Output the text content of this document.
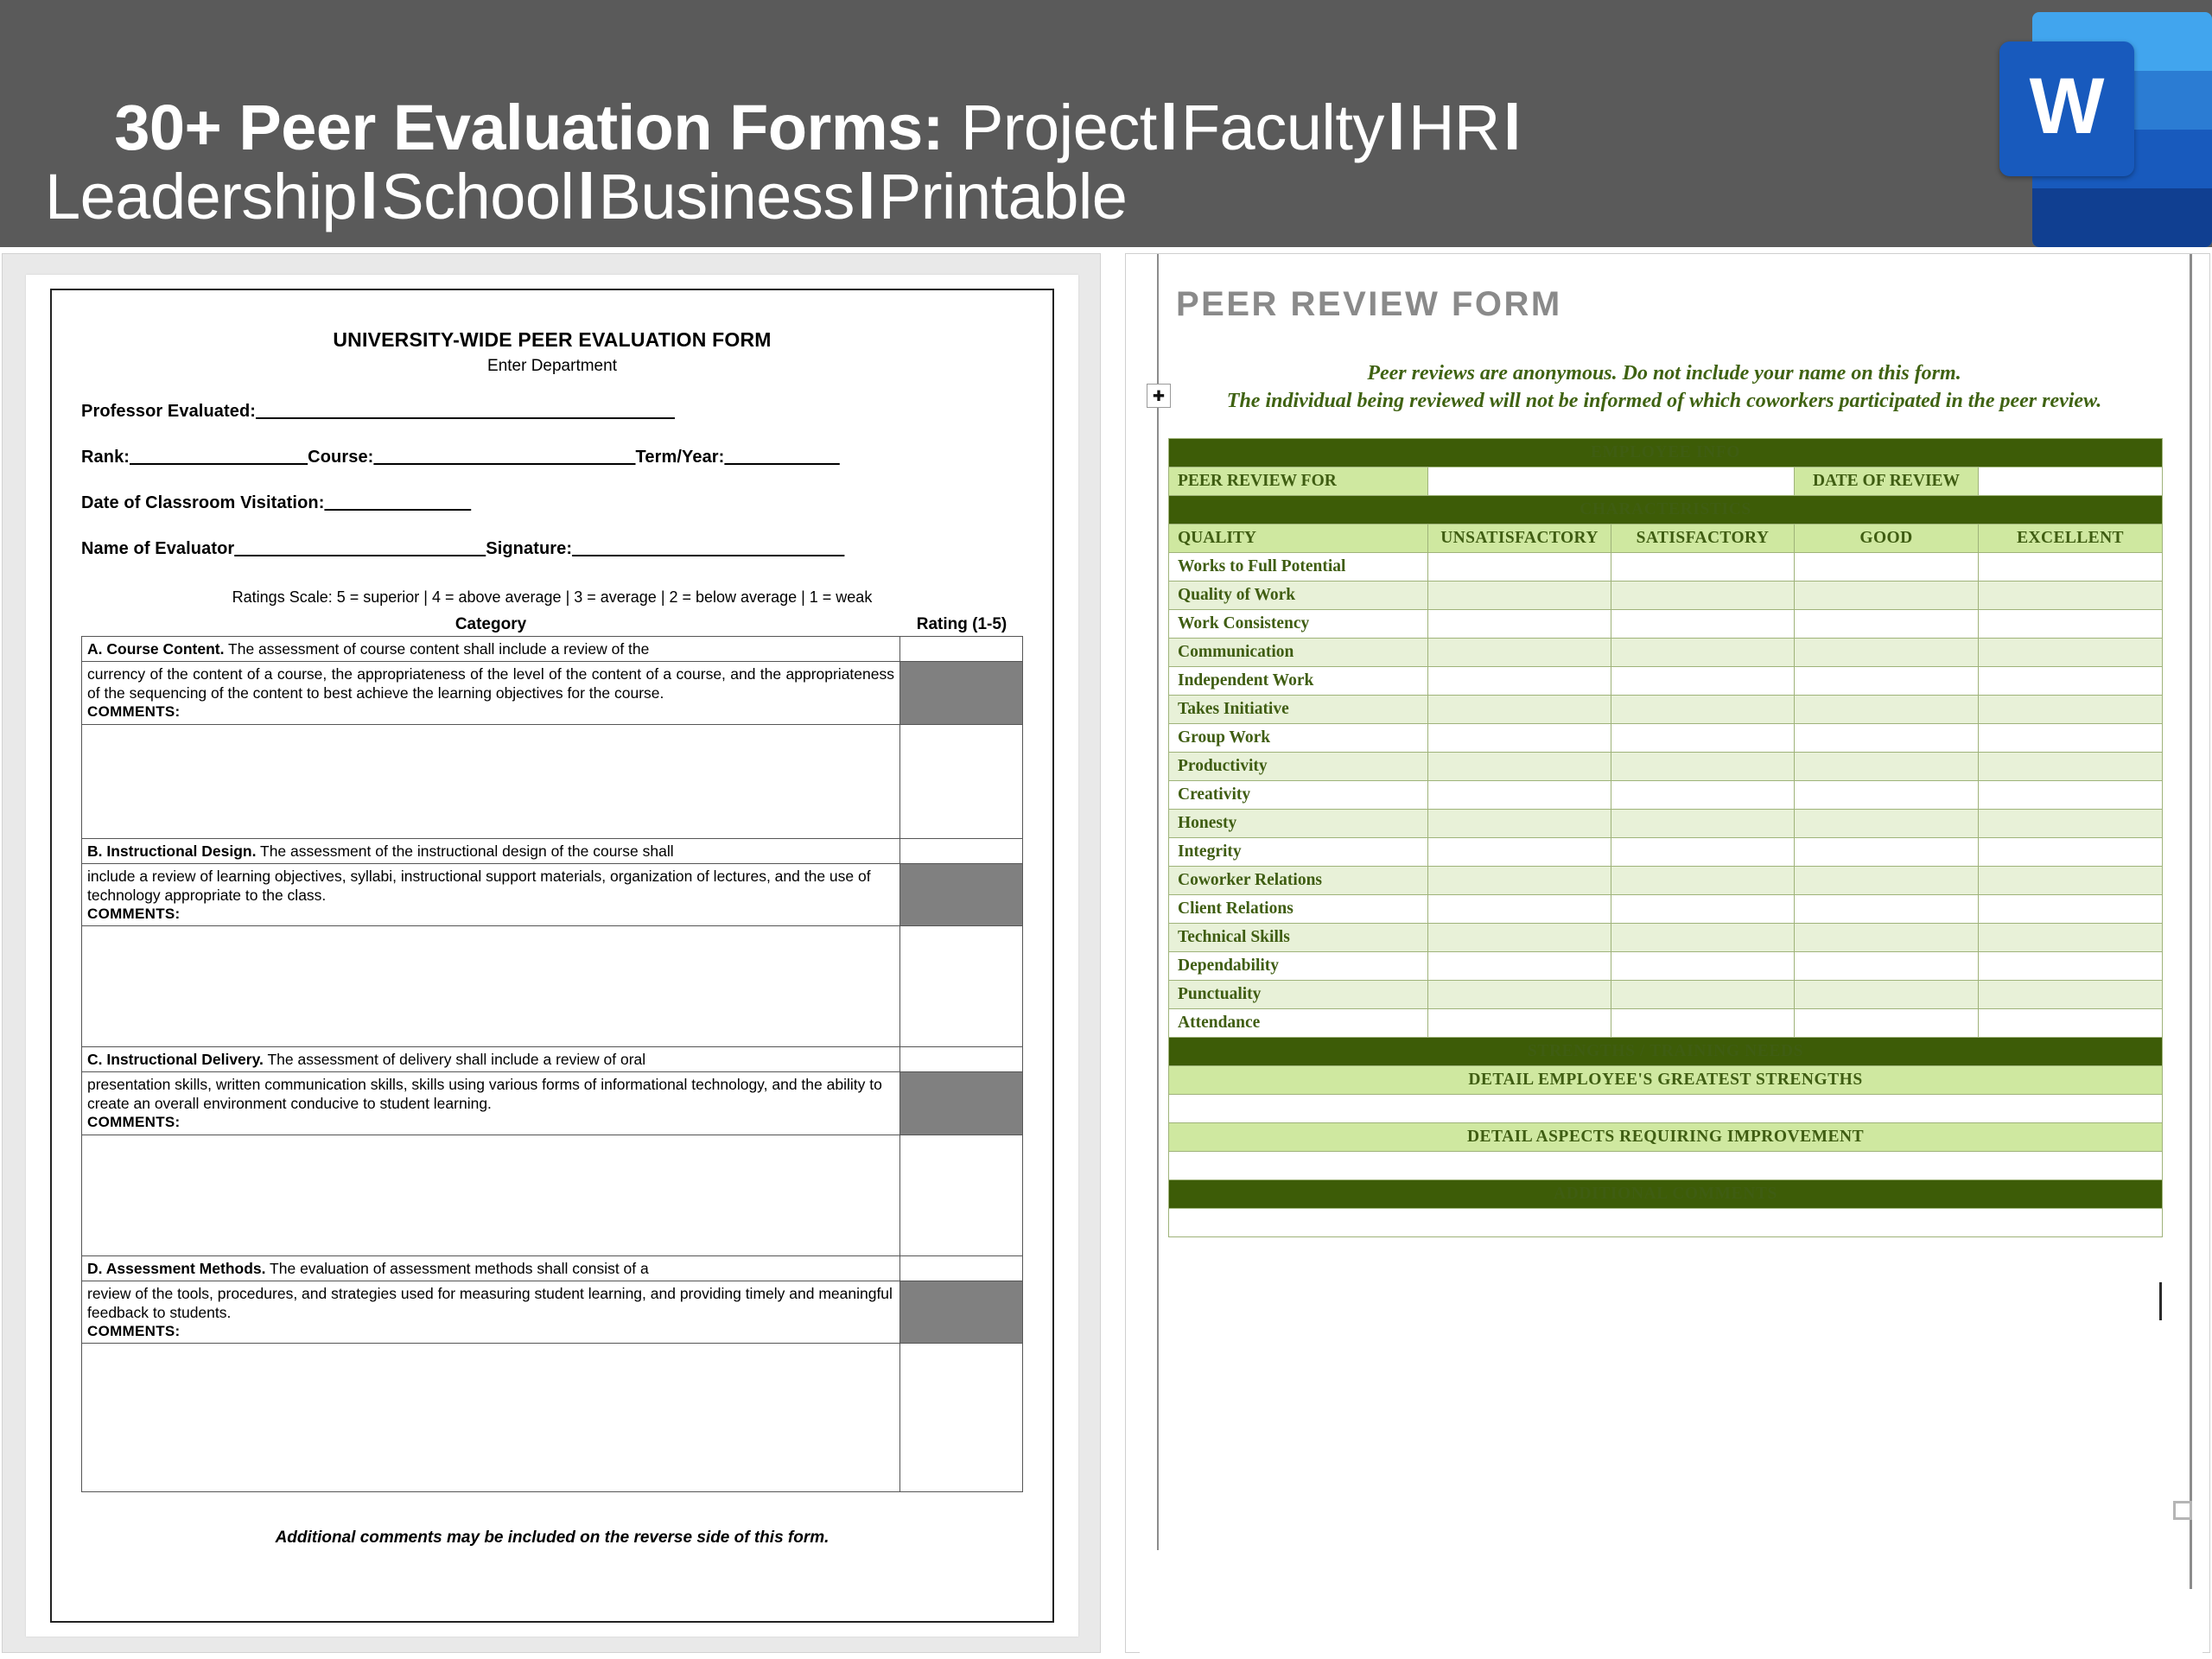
30+ Peer Evaluation Forms: ProjectlFacultylHRl
LeadershiplSchoollBusinesslPrintable

W
UNIVERSITY-WIDE PEER EVALUATION FORM
Enter Department
Professor Evaluated:________________________________________
Rank:_________________Course:_________________________Term/Year:___________
Date of Classroom Visitation:______________
Name of Evaluator________________________Signature:__________________________
Ratings Scale: 5 = superior | 4 = above average | 3 = average | 2 = below average | 1 = weak
Category	Rating (1-5)
A. Course Content. The assessment of course content shall include a review of the	

currency of the content of a course, the appropriateness of the level of the content of a course, and the appropriateness of the sequencing of the content to best achieve the learning objectives for the course.
COMMENTS:	

B. Instructional Design. The assessment of the instructional design of the course shall	

include a review of learning objectives, syllabi, instructional support materials, organization of lectures, and the use of technology appropriate to the class.
COMMENTS:	

C. Instructional Delivery. The assessment of delivery shall include a review of oral	

presentation skills, written communication skills, skills using various forms of informational technology, and the ability to create an overall environment conducive to student learning.
COMMENTS:	

D. Assessment Methods. The evaluation of assessment methods shall consist of a	

review of the tools, procedures, and strategies used for measuring student learning, and providing timely and meaningful feedback to students.
COMMENTS:	

Additional comments may be included on the reverse side of this form.
PEER REVIEW FORM
Peer reviews are anonymous. Do not include your name on this form.
The individual being reviewed will not be informed of which coworkers participated in the peer review.
✚
EMPLOYEE INFO				
PEER REVIEW FOR			DATE OF REVIEW	
CHARACTERISTICS				
QUALITY	UNSATISFACTORY	SATISFACTORY	GOOD	EXCELLENT
Works to Full Potential				
Quality of Work				
Work Consistency				
Communication				
Independent Work				
Takes Initiative				
Group Work				
Productivity				
Creativity				
Honesty				
Integrity				
Coworker Relations				
Client Relations				
Technical Skills				
Dependability				
Punctuality				
Attendance				
STRENGTHS / TRAINING NEEDS				
DETAIL EMPLOYEE'S GREATEST STRENGTHS				

DETAIL ASPECTS REQUIRING IMPROVEMENT				

ADDITIONAL COMMENTS				
